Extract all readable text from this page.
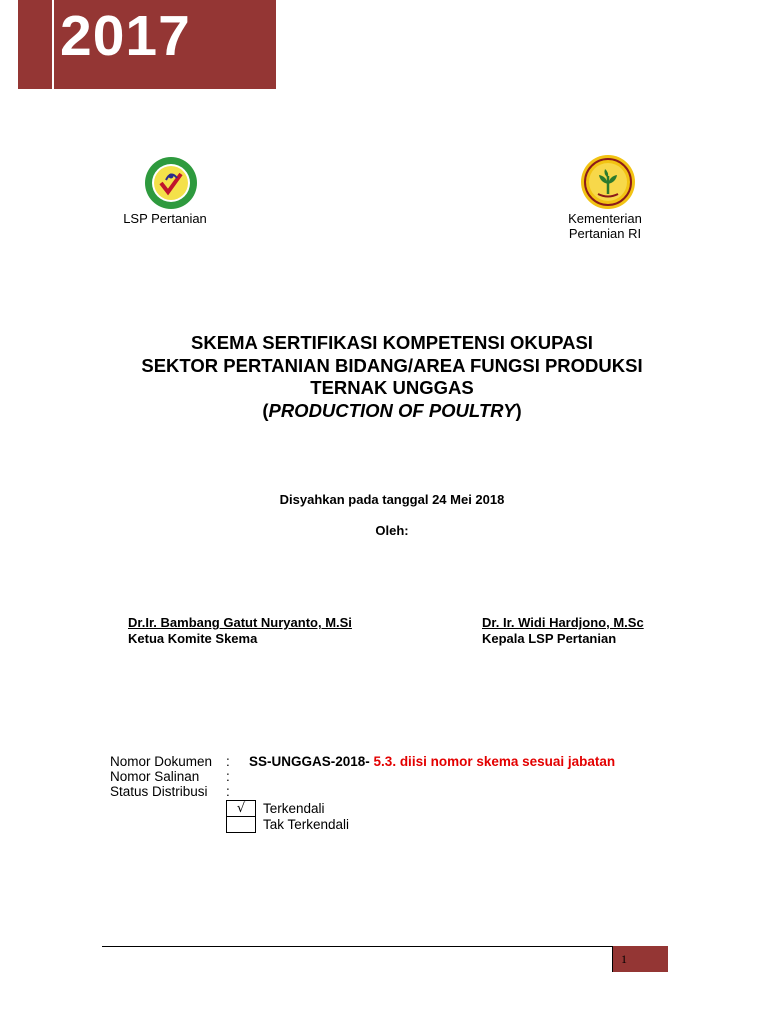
2017
LSP Pertanian	Kementerian
Pertanian RI
SKEMA SERTIFIKASI KOMPETENSI OKUPASI
SEKTOR PERTANIAN BIDANG/AREA FUNGSI PRODUKSI
TERNAK UNGGAS
(PRODUCTION OF POULTRY)
Disyahkan pada tanggal 24 Mei 2018
Oleh:
Dr.Ir. Bambang Gatut Nuryanto, M.Si
Ketua Komite Skema
Dr. Ir. Widi Hardjono, M.Sc
Kepala LSP Pertanian
Nomor Dokumen	: SS-UNGGAS-2018- 5.3. diisi nomor skema sesuai jabatan
Nomor Salinan	:
Status Distribusi	:
√	Terkendali
Tak Terkendali
1
